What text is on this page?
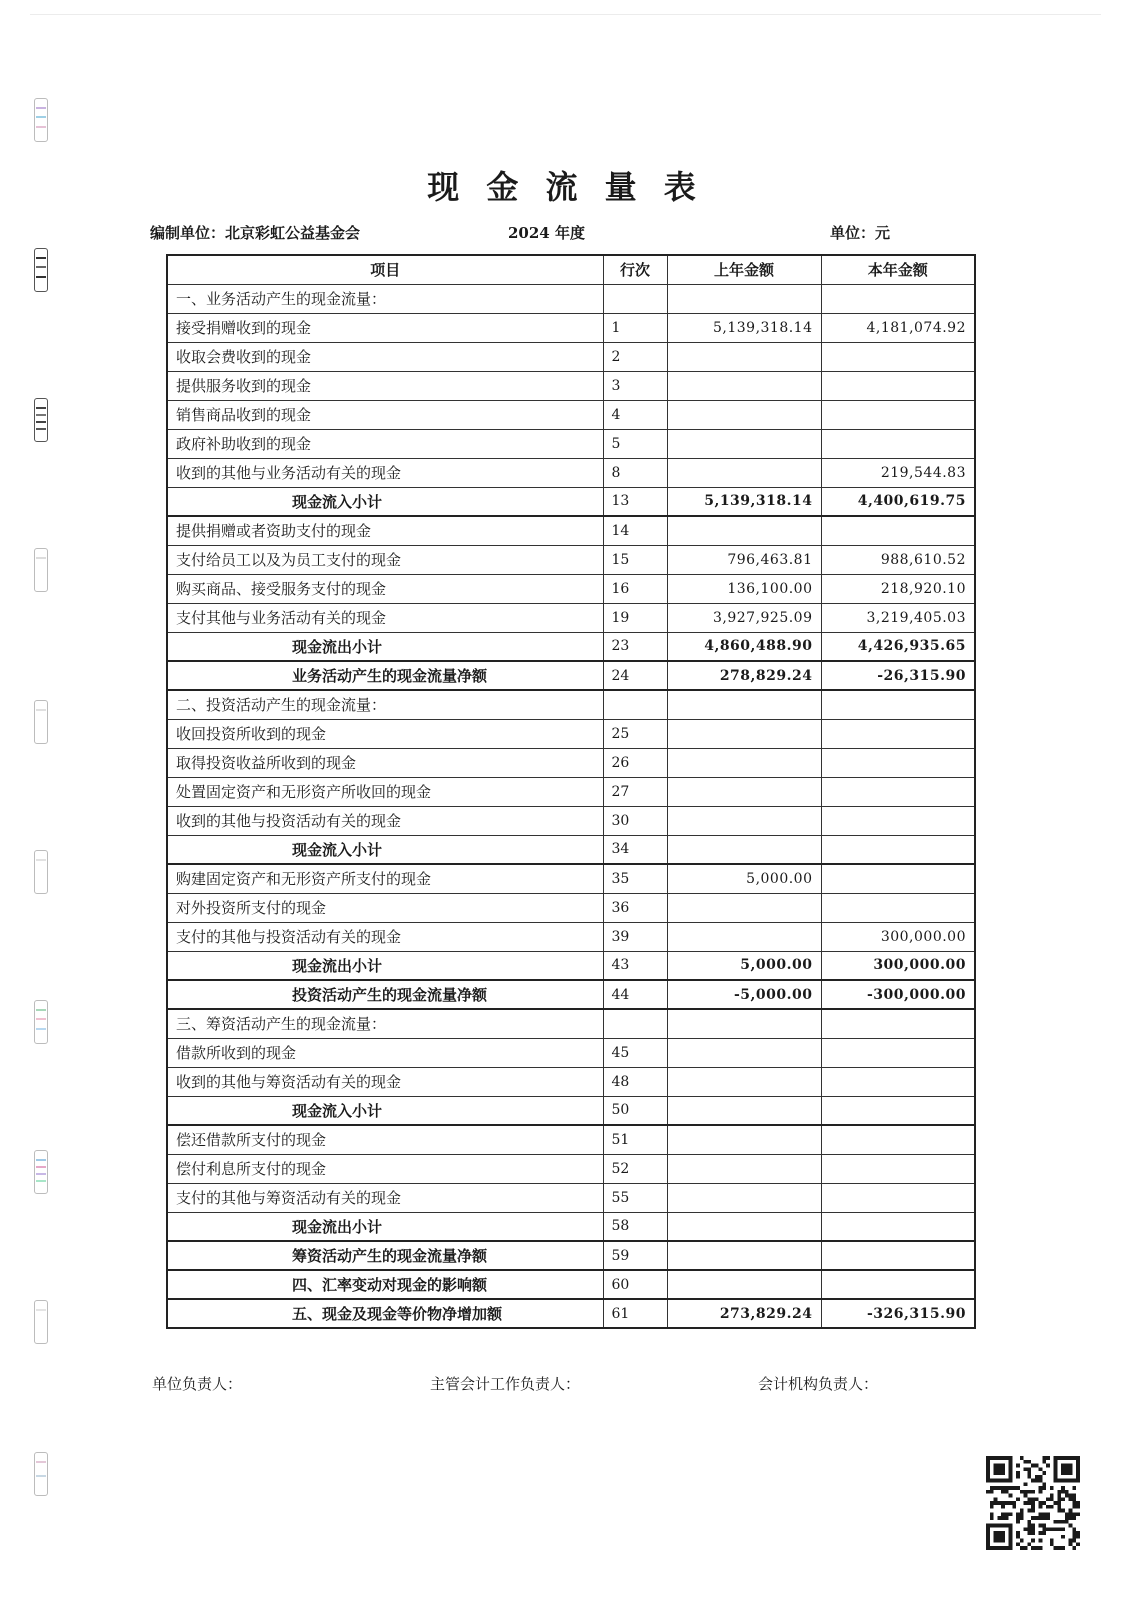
现 金 流 量 表
编制单位：北京彩虹公益基金会	2024 年度	单位：元
项目	行次	上年金额	本年金额
一、业务活动产生的现金流量：			
接受捐赠收到的现金	1	5,139,318.14	4,181,074.92
收取会费收到的现金	2		
提供服务收到的现金	3		
销售商品收到的现金	4		
政府补助收到的现金	5		
收到的其他与业务活动有关的现金	8		219,544.83
现金流入小计	13	5,139,318.14	4,400,619.75
提供捐赠或者资助支付的现金	14		
支付给员工以及为员工支付的现金	15	796,463.81	988,610.52
购买商品、接受服务支付的现金	16	136,100.00	218,920.10
支付其他与业务活动有关的现金	19	3,927,925.09	3,219,405.03
现金流出小计	23	4,860,488.90	4,426,935.65
业务活动产生的现金流量净额	24	278,829.24	-26,315.90
二、投资活动产生的现金流量：			
收回投资所收到的现金	25		
取得投资收益所收到的现金	26		
处置固定资产和无形资产所收回的现金	27		
收到的其他与投资活动有关的现金	30		
现金流入小计	34		
购建固定资产和无形资产所支付的现金	35	5,000.00	
对外投资所支付的现金	36		
支付的其他与投资活动有关的现金	39		300,000.00
现金流出小计	43	5,000.00	300,000.00
投资活动产生的现金流量净额	44	-5,000.00	-300,000.00
三、筹资活动产生的现金流量：			
借款所收到的现金	45		
收到的其他与筹资活动有关的现金	48		
现金流入小计	50		
偿还借款所支付的现金	51		
偿付利息所支付的现金	52		
支付的其他与筹资活动有关的现金	55		
现金流出小计	58		
筹资活动产生的现金流量净额	59		
四、汇率变动对现金的影响额	60		
五、现金及现金等价物净增加额	61	273,829.24	-326,315.90
单位负责人：	主管会计工作负责人：	会计机构负责人：
